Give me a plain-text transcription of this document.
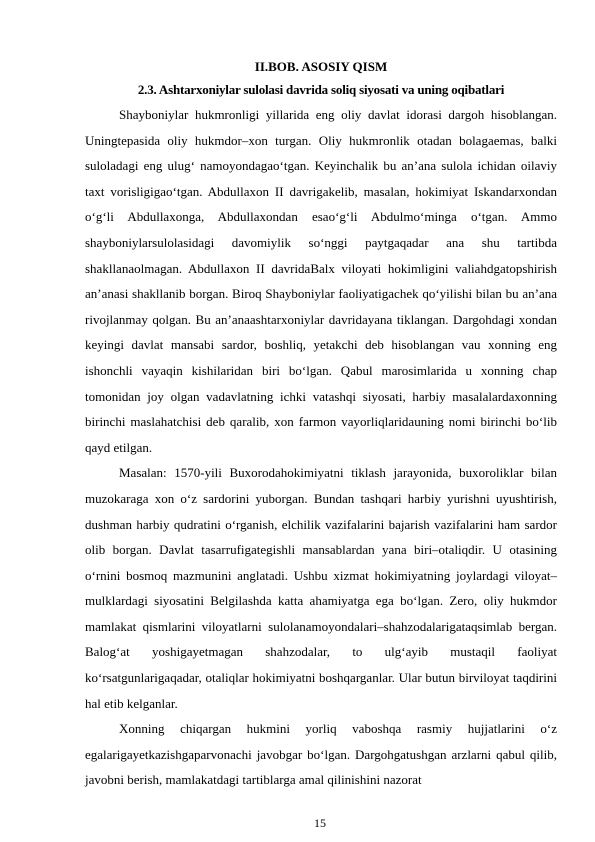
II.BOB. ASOSIY QISM
2.3. Ashtarxoniylar sulolasi davrida soliq siyosati va uning oqibatlari

Shayboniylar hukmronligi yillarida eng oliy davlat idorasi dargoh hisoblangan. Uningtepasida oliy hukmdor–xon turgan. Oliy hukmronlik otadan bolagaemas, balki suloladagi eng ulug‘ namoyondagao‘tgan. Keyinchalik bu an’ana sulola ichidan oilaviy taxt vorisligigao‘tgan. Abdullaxon II davrigakelib, masalan, hokimiyat Iskandarxondan o‘g‘li Abdullaxonga, Abdullaxondan esao‘g‘li Abdulmo‘minga o‘tgan. Ammo shayboniylarsulolasidagi davomiylik so‘nggi paytgaqadar ana shu tartibda shakllanaolmagan. Abdullaxon II davridaBalx viloyati hokimligini valiahdgatopshirish an’anasi shakllanib borgan. Biroq Shayboniylar faoliyatigachek qo‘yilishi bilan bu an’ana rivojlanmay qolgan. Bu an’anaashtarxoniylar davridayana tiklangan. Dargohdagi xondan keyingi davlat mansabi sardor, boshliq, yetakchi deb hisoblangan vau xonning eng ishonchli vayaqin kishilaridan biri bo‘lgan. Qabul marosimlarida u xonning chap tomonidan joy olgan vadavlatning ichki vatashqi siyosati, harbiy masalalardaxonning birinchi maslahatchisi deb qaralib, xon farmon vayorliqlaridauning nomi birinchi bo‘lib qayd etilgan.

Masalan: 1570-yili Buxorodahokimiyatni tiklash jarayonida, buxoroliklar bilan muzokaraga xon o‘z sardorini yuborgan. Bundan tashqari harbiy yurishni uyushtirish, dushman harbiy qudratini o‘rganish, elchilik vazifalarini bajarish vazifalarini ham sardor olib borgan. Davlat tasarrufigategishli mansablardan yana biri–otaliqdir. U otasining o‘rnini bosmoq mazmunini anglatadi. Ushbu xizmat hokimiyatning joylardagi viloyat–mulklardagi siyosatini Belgilashda katta ahamiyatga ega bo‘lgan. Zero, oliy hukmdor mamlakat qismlarini viloyatlarni sulolanamoyondalari–shahzodalarigataqsimlab bergan. Balog‘at yoshigayetmagan shahzodalar, to ulg‘ayib mustaqil faoliyat ko‘rsatgunlarigaqadar, otaliqlar hokimiyatni boshqarganlar. Ular butun birviloyat taqdirini hal etib kelganlar.

Xonning chiqargan hukmini yorliq vaboshqa rasmiy hujjatlarini o‘z egalarigayetkazishgaparvonachi javobgar bo‘lgan. Dargohgatushgan arzlarni qabul qilib, javobni berish, mamlakatdagi tartiblarga amal qilinishini nazorat

15
